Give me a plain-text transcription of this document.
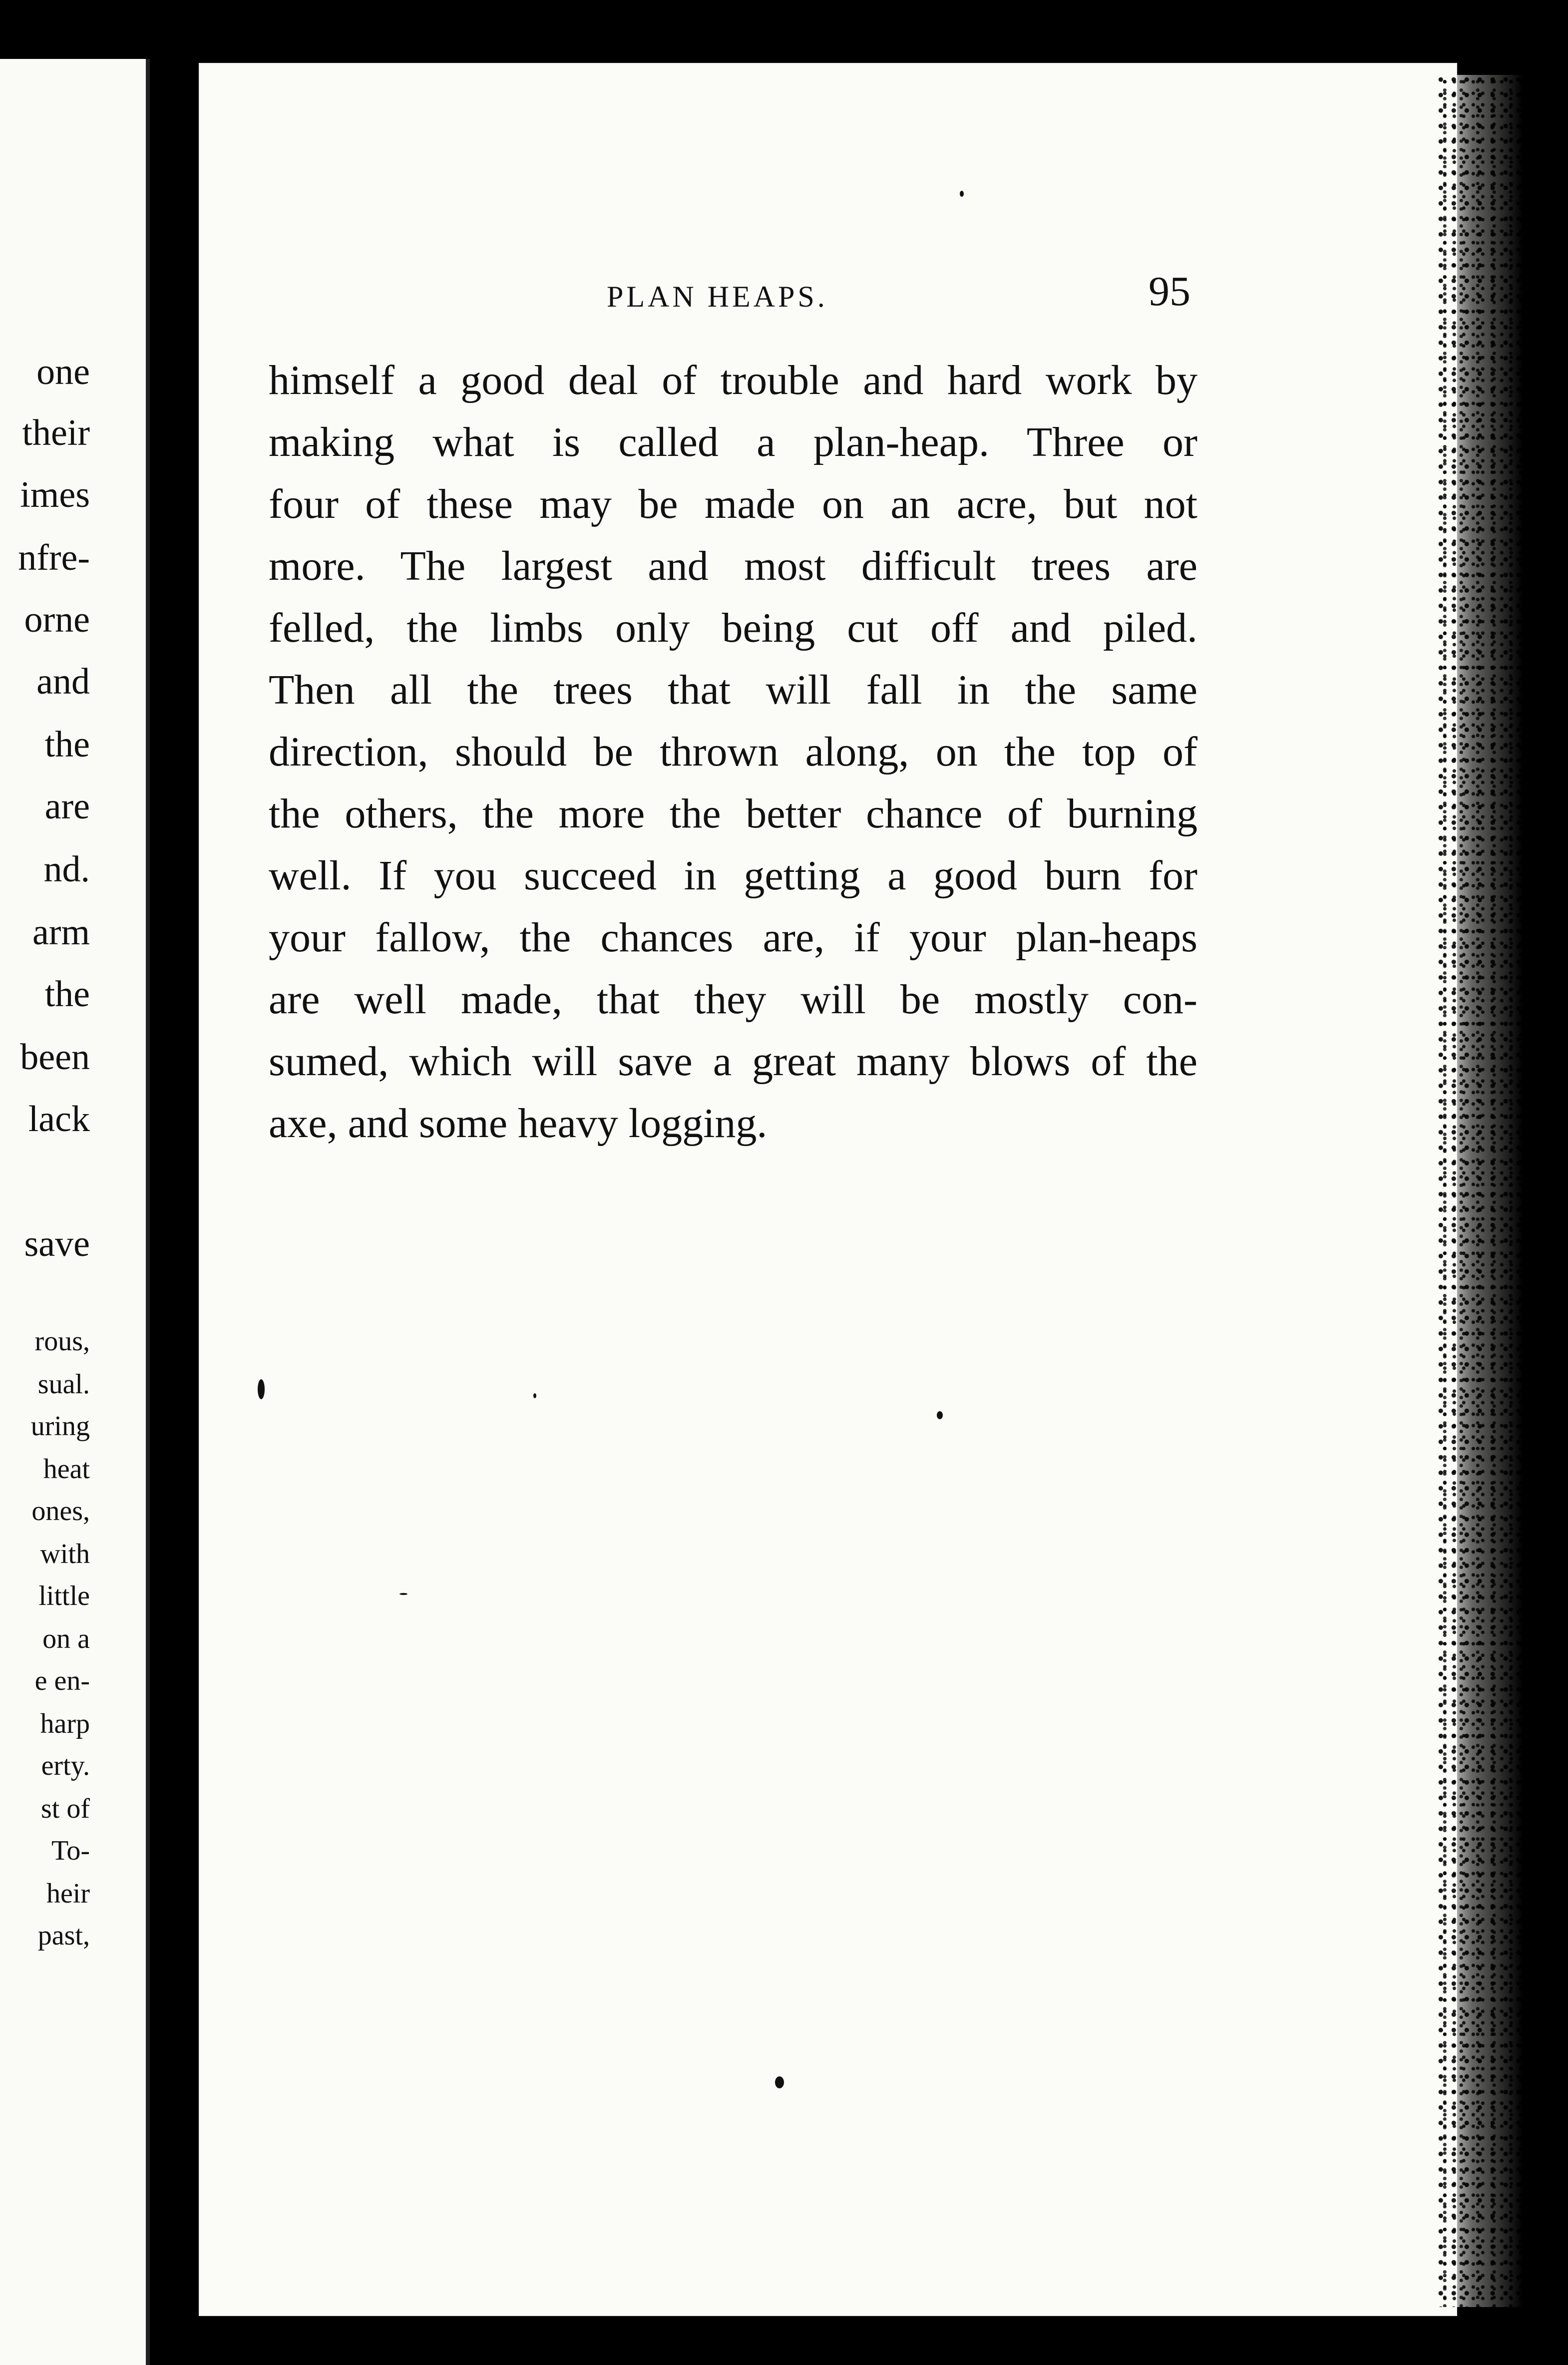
one
their
imes
nfre-
orne
and
the
are
nd.
arm
the
been
lack
save
rous,
sual.
uring
heat
ones,
with
little
on a
e en-
harp
erty.
st of
To-
heir
past,
PLAN HEAPS.	95
himself a good deal of trouble and hard work by
making what is called a plan-heap. Three or
four of these may be made on an acre, but not
more. The largest and most difficult trees are
felled, the limbs only being cut off and piled.
Then all the trees that will fall in the same
direction, should be thrown along, on the top of
the others, the more the better chance of burning
well. If you succeed in getting a good burn for
your fallow, the chances are, if your plan-heaps
are well made, that they will be mostly con-
sumed, which will save a great many blows of the
axe, and some heavy logging.
